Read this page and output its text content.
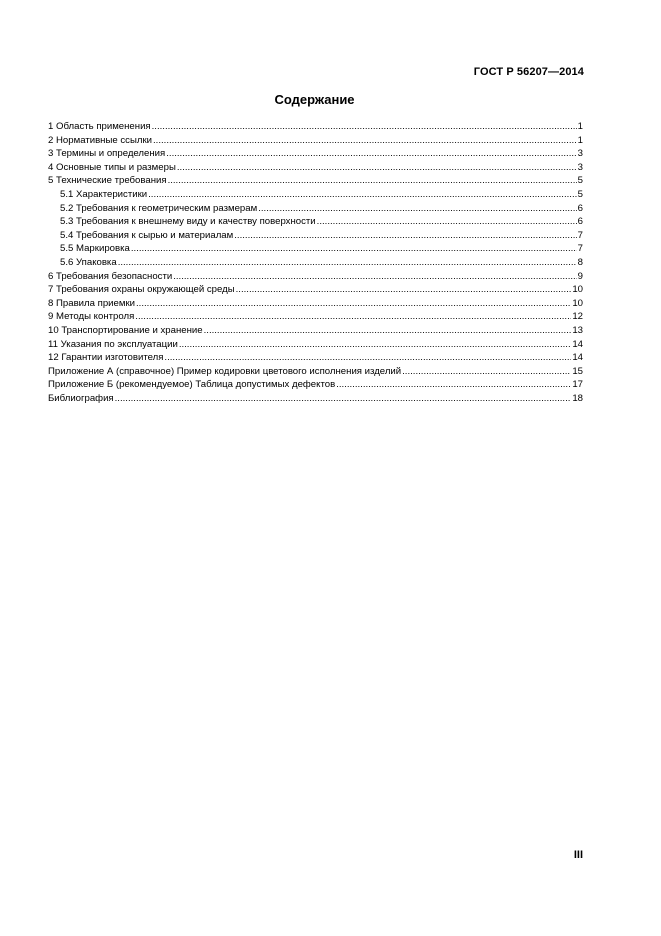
ГОСТ Р 56207—2014
Содержание
1 Область применения .....	1
2 Нормативные ссылки .....	1
3 Термины и определения .....	3
4 Основные типы и размеры .....	3
5 Технические требования .....	5
5.1 Характеристики .....	5
5.2 Требования к геометрическим размерам .....	6
5.3 Требования к внешнему виду и качеству поверхности .....	6
5.4 Требования к сырью и материалам .....	7
5.5 Маркировка .....	7
5.6 Упаковка .....	8
6 Требования безопасности .....	9
7 Требования охраны окружающей среды .....	10
8 Правила приемки .....	10
9 Методы контроля .....	12
10 Транспортирование и хранение .....	13
11 Указания по эксплуатации .....	14
12 Гарантии изготовителя .....	14
Приложение А (справочное) Пример кодировки цветового исполнения изделий .....	15
Приложение Б (рекомендуемое) Таблица допустимых дефектов .....	17
Библиография .....	18
III
